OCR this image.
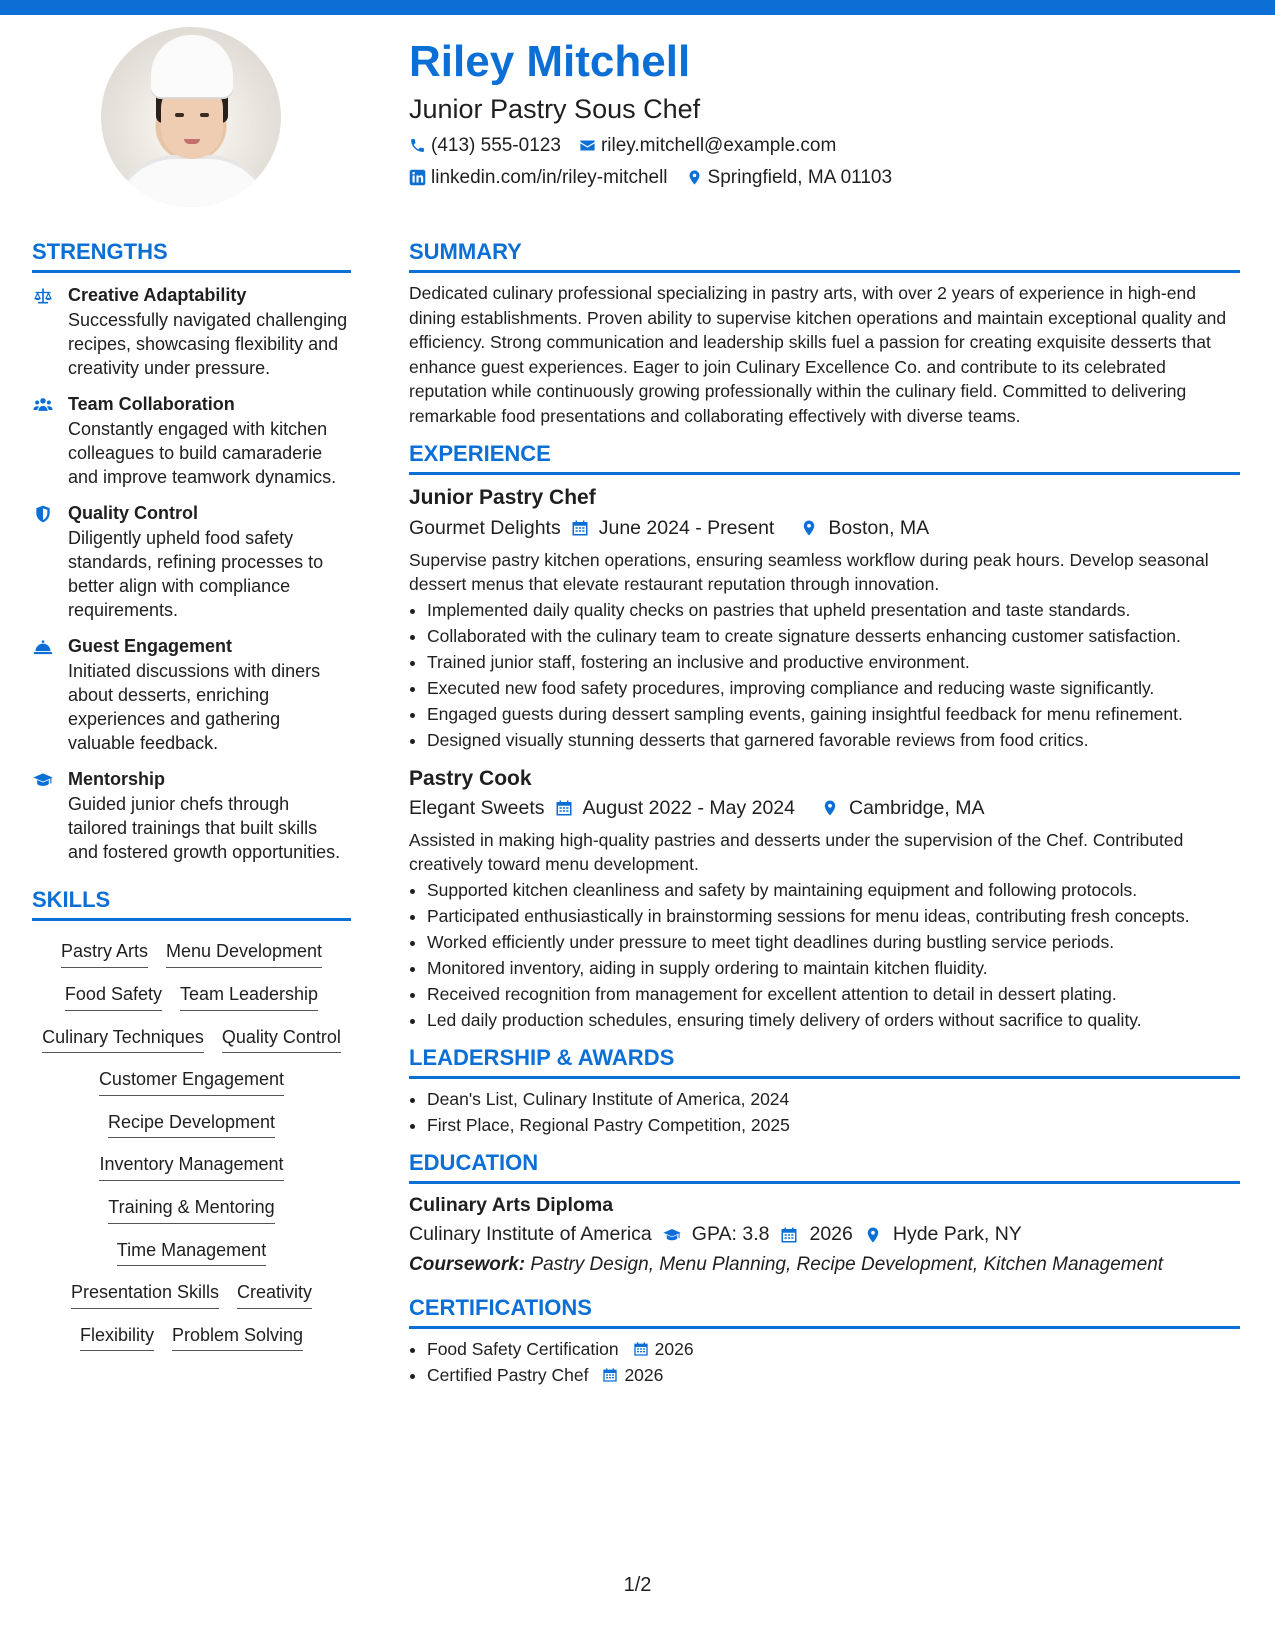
Riley Mitchell
Junior Pastry Sous Chef
(413) 555-0123 riley.mitchell@example.com
linkedin.com/in/riley-mitchell Springfield, MA 01103
STRENGTHS

Creative Adaptability

Successfully navigated challenging recipes, showcasing flexibility and creativity under pressure.

Team Collaboration

Constantly engaged with kitchen colleagues to build camaraderie and improve teamwork dynamics.

Quality Control

Diligently upheld food safety standards, refining processes to better align with compliance requirements.

Guest Engagement

Initiated discussions with diners about desserts, enriching experiences and gathering valuable feedback.

Mentorship

Guided junior chefs through tailored trainings that built skills and fostered growth opportunities.

SKILLS
Pastry Arts Menu Development
Food Safety Team Leadership
Culinary Techniques Quality Control
Customer Engagement
Recipe Development
Inventory Management
Training & Mentoring
Time Management
Presentation Skills Creativity
Flexibility Problem Solving
SUMMARY

Dedicated culinary professional specializing in pastry arts, with over 2 years of experience in high-end dining establishments. Proven ability to supervise kitchen operations and maintain exceptional quality and efficiency. Strong communication and leadership skills fuel a passion for creating exquisite desserts that enhance guest experiences. Eager to join Culinary Excellence Co. and contribute to its celebrated reputation while continuously growing professionally within the culinary field. Committed to delivering remarkable food presentations and collaborating effectively with diverse teams.

EXPERIENCE

Junior Pastry Chef

Gourmet Delights June 2024 - Present	Boston, MA

Supervise pastry kitchen operations, ensuring seamless workflow during peak hours. Develop seasonal dessert menus that elevate restaurant reputation through innovation.

• Implemented daily quality checks on pastries that upheld presentation and taste standards.
• Collaborated with the culinary team to create signature desserts enhancing customer satisfaction.
• Trained junior staff, fostering an inclusive and productive environment.
• Executed new food safety procedures, improving compliance and reducing waste significantly.
• Engaged guests during dessert sampling events, gaining insightful feedback for menu refinement.
• Designed visually stunning desserts that garnered favorable reviews from food critics.

Pastry Cook

Elegant Sweets August 2022 - May 2024	Cambridge, MA

Assisted in making high-quality pastries and desserts under the supervision of the Chef. Contributed creatively toward menu development.

• Supported kitchen cleanliness and safety by maintaining equipment and following protocols.
• Participated enthusiastically in brainstorming sessions for menu ideas, contributing fresh concepts.
• Worked efficiently under pressure to meet tight deadlines during bustling service periods.
• Monitored inventory, aiding in supply ordering to maintain kitchen fluidity.
• Received recognition from management for excellent attention to detail in dessert plating.
• Led daily production schedules, ensuring timely delivery of orders without sacrifice to quality.
LEADERSHIP & AWARDS
• Dean's List, Culinary Institute of America, 2024
• First Place, Regional Pastry Competition, 2025
EDUCATION

Culinary Arts Diploma

Culinary Institute of America GPA: 3.8 2026 Hyde Park, NY
Coursework: Pastry Design, Menu Planning, Recipe Development, Kitchen Management
CERTIFICATIONS
• Food Safety Certification 2026
• Certified Pastry Chef 2026
1/2
